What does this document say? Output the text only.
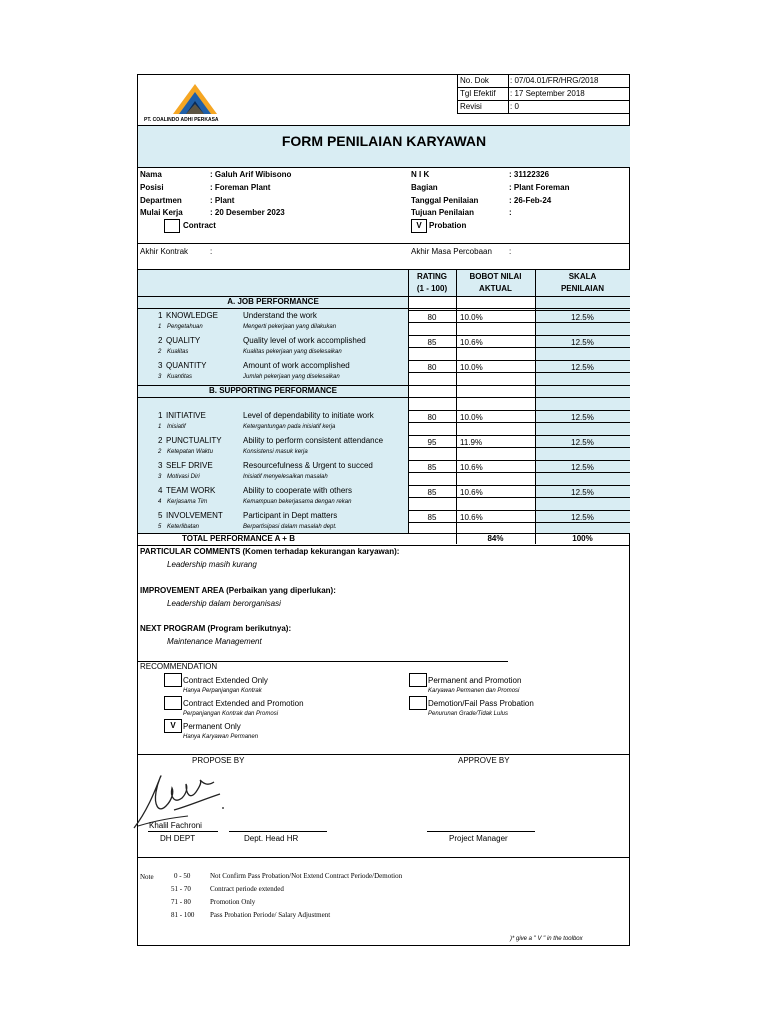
PT. COALINDO ADHI PERKASA
No. Dok	: 07/04.01/FR/HRG/2018
Tgl Efektif : 17 September 2018
Revisi	: 0
FORM PENILAIAN KARYAWAN
Nama	: Galuh Arif Wibisono
Posisi	: Foreman Plant
Departmen	: Plant
Mulai Kerja	: 20 Desember 2023
Contract
N I K	: 31122326
Bagian	: Plant Foreman
Tanggal Penilaian	: 26-Feb-24
Tujuan Penilaian	:
V Probation
Akhir Kontrak	:	Akhir Masa Percobaan :
RATING
(1 - 100)
BOBOT NILAI
AKTUAL
SKALA
PENILAIAN
A. JOB PERFORMANCE
1 KNOWLEDGE	Understand the work
1 Pengetahuan	Mengerti pekerjaan yang dilakukan
80	10.0%	12.5%
2 QUALITY	Quality level of work accomplished
2 Kualitas	Kualitas pekerjaan yang diselesaikan
85	10.6%	12.5%
3 QUANTITY	Amount of work accomplished
3 Kuantitas	Jumlah pekerjaan yang diselesaikan
80	10.0%	12.5%
B. SUPPORTING PERFORMANCE
1 INITIATIVE	Level of dependability to initiate work
1 Inisiatif	Ketergantungan pada inisiatif kerja
80	10.0%	12.5%
2 PUNCTUALITY	Ability to perform consistent attendance
2 Ketepatan Waktu	Konsistensi masuk kerja
95	11.9%	12.5%
3 SELF DRIVE	Resourcefulness & Urgent to succed
3 Motivasi Diri	Inisiatif menyelesaikan masalah
85	10.6%	12.5%
4 TEAM WORK	Ability to cooperate with others
4 Kerjasama Tim	Kemampuan bekerjasama dengan rekan
85	10.6%	12.5%
5 INVOLVEMENT	Participant in Dept matters
5 Keterlibatan	Berpartisipasi dalam masalah dept.
85	10.6%	12.5%
TOTAL PERFORMANCE A + B	84%	100%
PARTICULAR COMMENTS (Komen terhadap kekurangan karyawan):
Leadership masih kurang
IMPROVEMENT AREA (Perbaikan yang diperlukan):
Leadership dalam berorganisasi
NEXT PROGRAM (Program berikutnya):
Maintenance Management
RECOMMENDATION
Contract Extended Only
Hanya Perpanjangan Kontrak
Contract Extended and Promotion
Perpanjangan Kontrak dan Promosi
V Permanent Only
Hanya Karyawan Permanen
Permanent and Promotion
Karyawan Permanen dan Promosi
Demotion/Fail Pass Probation
Penurunan Grade/Tidak Lulus
PROPOSE BY	APPROVE BY
Khalil Fachroni
DH DEPT	Dept. Head HR	Project Manager
Note	0 - 50	Not Confirm Pass Probation/Not Extend Contract Periode/Demotion
51 - 70	Contract periode extended
71 - 80	Promotion Only
81 - 100 Pass Probation Periode/ Salary Adjustment
)* give a " V " in the toolbox
